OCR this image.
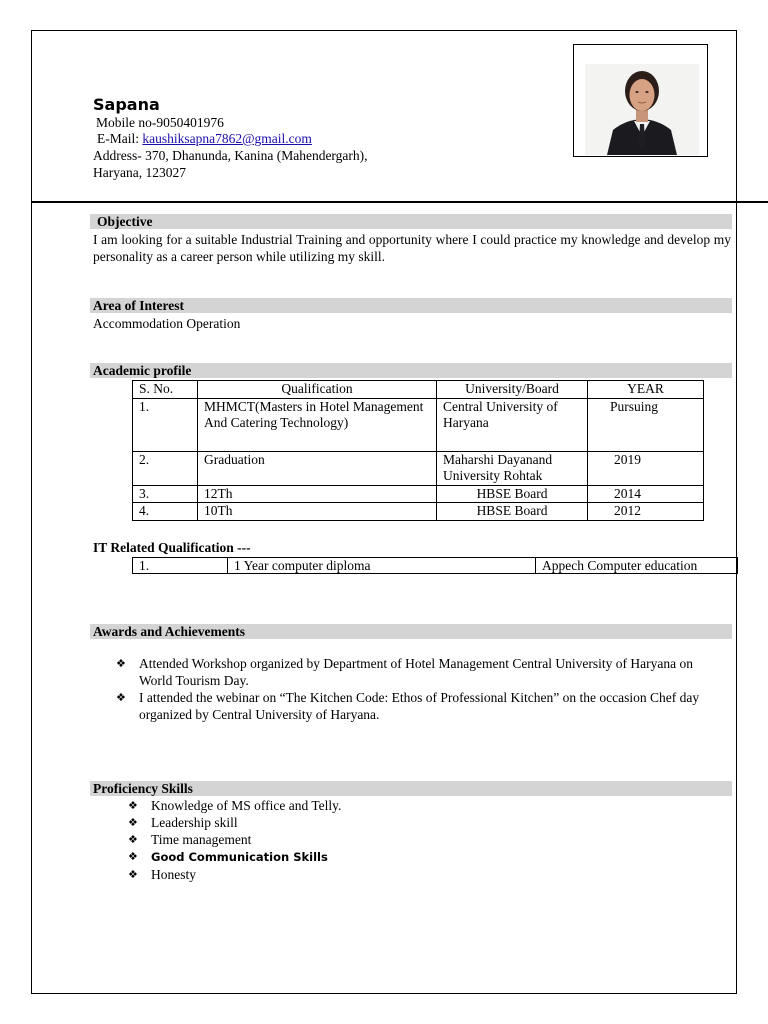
Sapana
Mobile no-9050401976
E-Mail: kaushiksapna7862@gmail.com
Address- 370, Dhanunda, Kanina (Mahendergarh),
Haryana, 123027
Objective
I am looking for a suitable Industrial Training and opportunity where I could practice my knowledge and develop my personality as a career person while utilizing my skill.
Area of Interest
Accommodation Operation
Academic profile
S. No.	Qualification	University/Board	YEAR
1.	MHMCT(Masters in Hotel Management And Catering Technology)	Central University of Haryana	Pursuing
2.	Graduation	Maharshi Dayanand University Rohtak	2019
3.	12Th	HBSE Board	2014
4.	10Th	HBSE Board	2012
IT Related Qualification ---
1.	1 Year computer diploma	Appech Computer education
Awards and Achievements
❖ Attended Workshop organized by Department of Hotel Management Central University of Haryana on World Tourism Day.
❖ I attended the webinar on “The Kitchen Code: Ethos of Professional Kitchen” on the occasion Chef day organized by Central University of Haryana.
Proficiency Skills
❖ Knowledge of MS office and Telly.
❖ Leadership skill
❖ Time management
❖ Good Communication Skills
❖ Honesty
